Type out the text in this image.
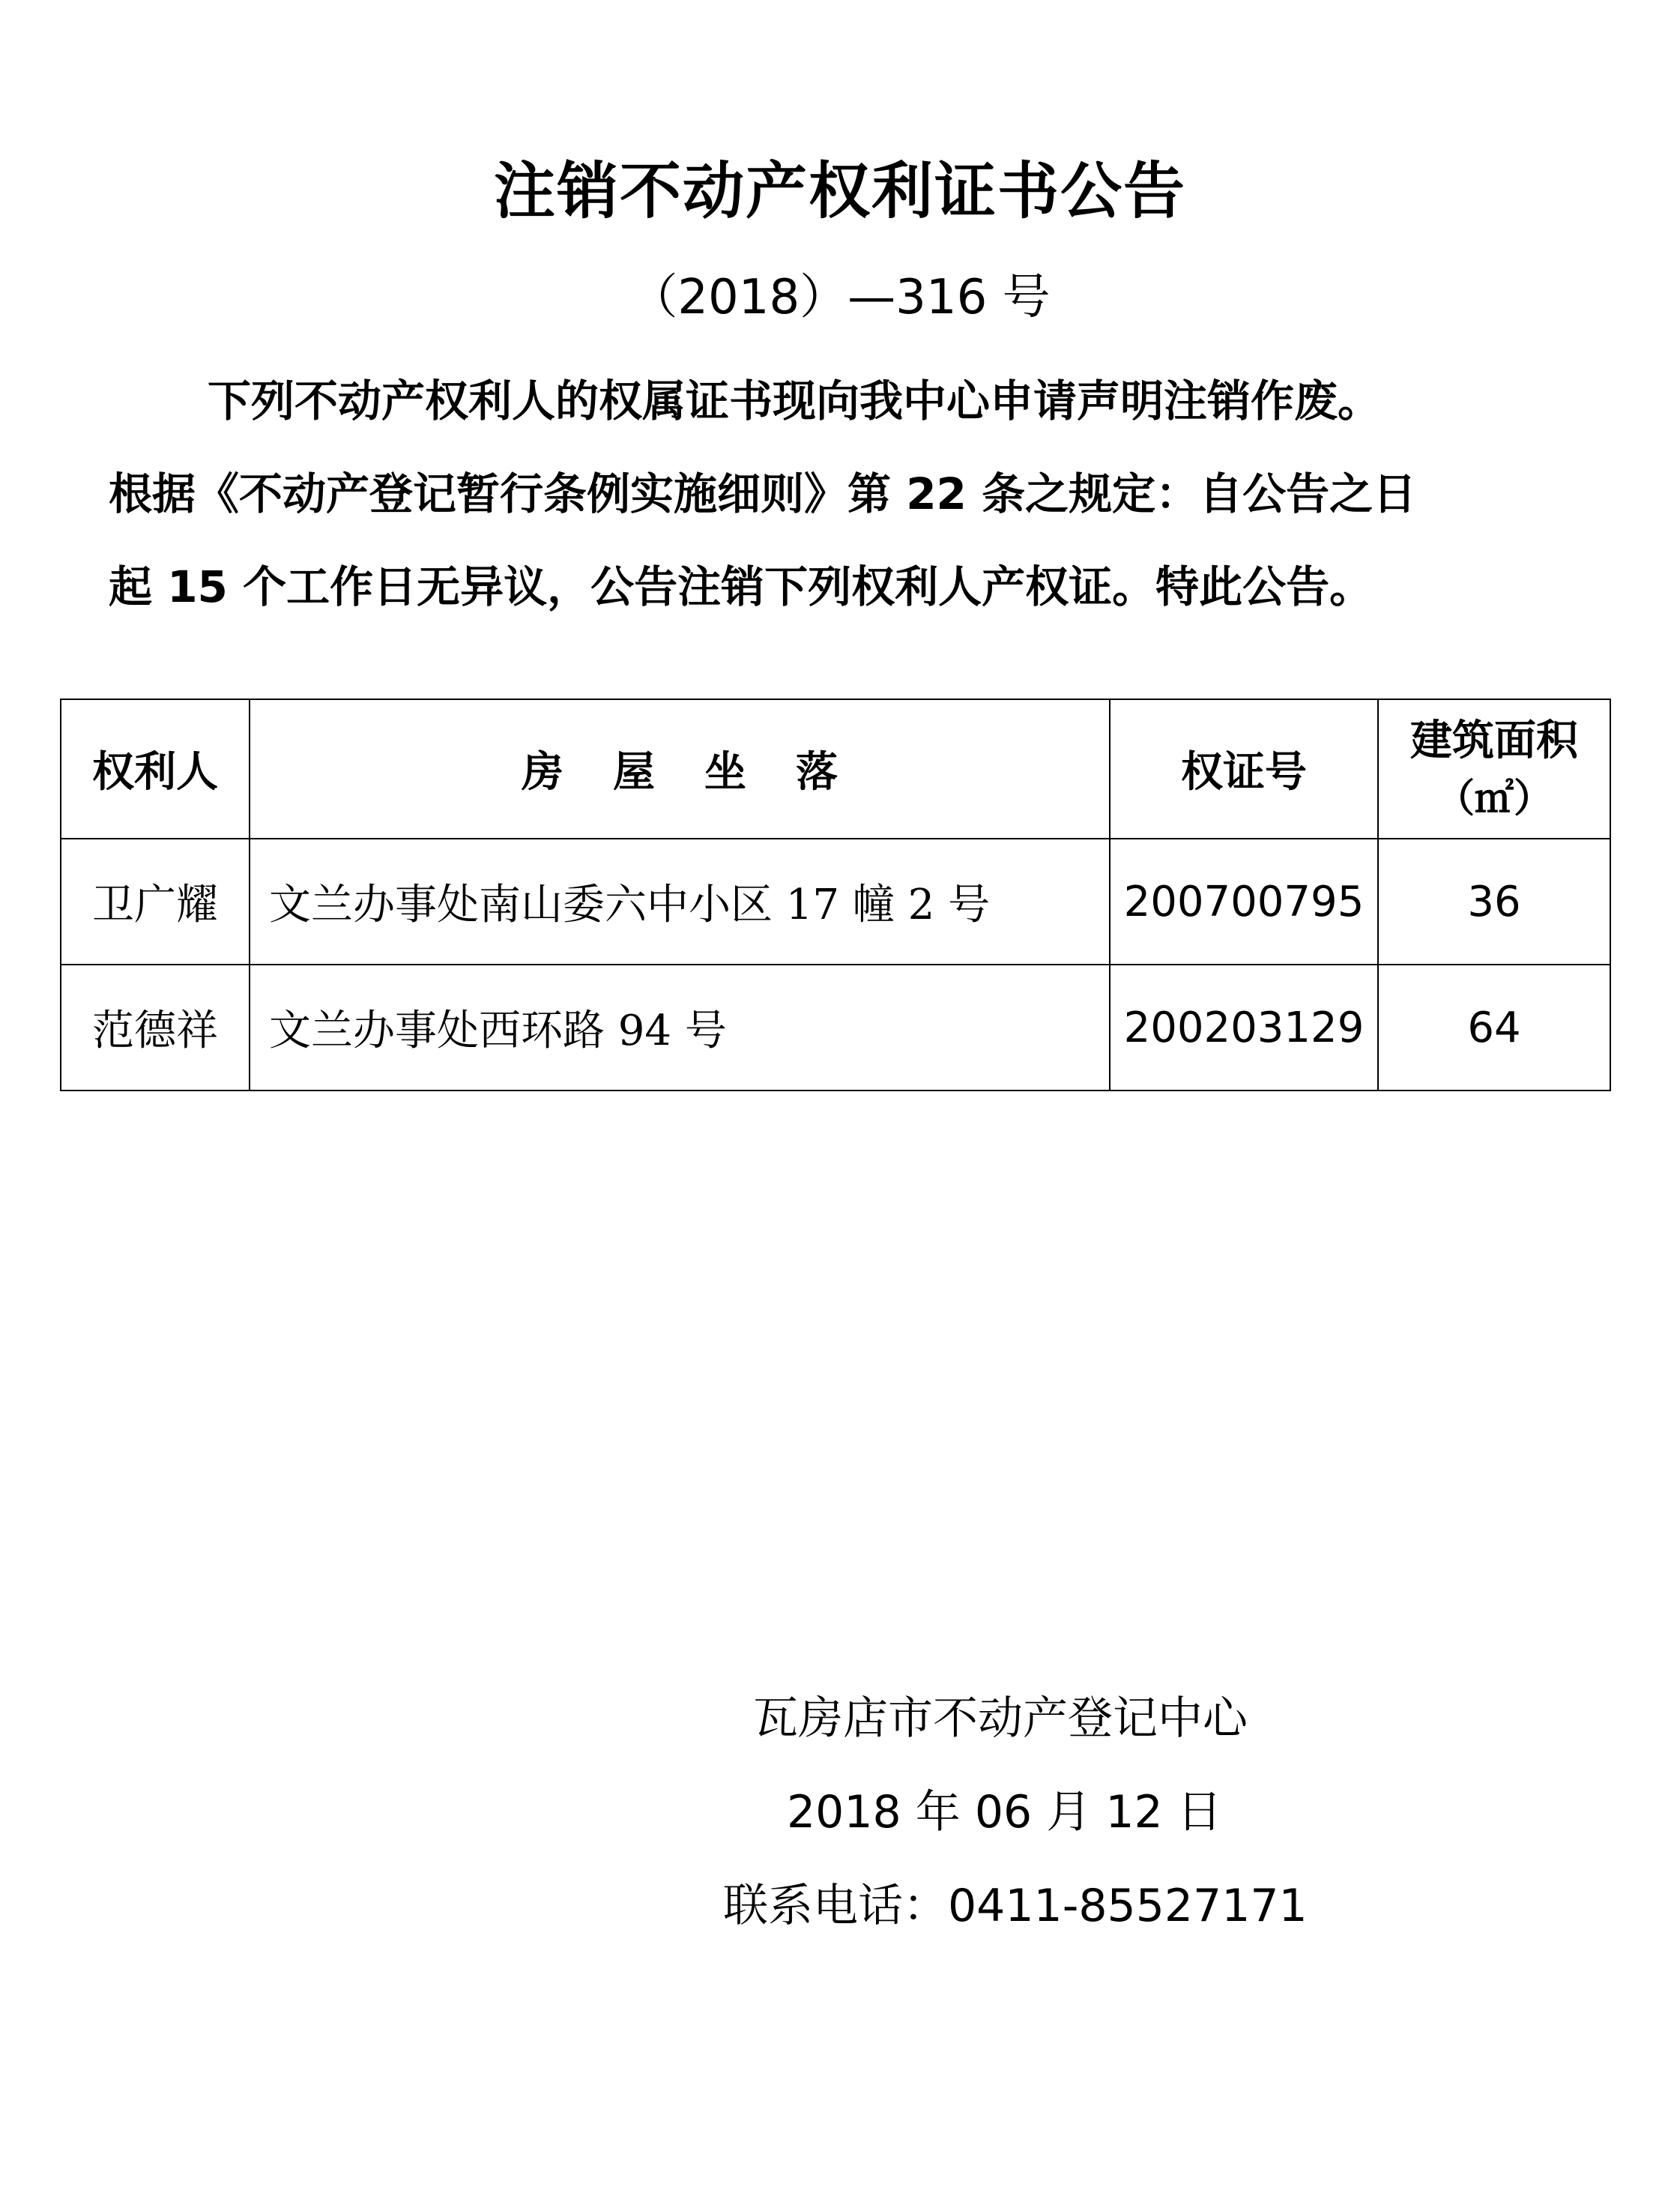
注销不动产权利证书公告
（2018）—316 号
下列不动产权利人的权属证书现向我中心申请声明注销作废。
根据《不动产登记暂行条例实施细则》第 22 条之规定：自公告之日
起 15 个工作日无异议，公告注销下列权利人产权证。特此公告。
权利人	房屋坐落	权证号	建筑面积
（㎡）

卫广耀	文兰办事处南山委六中小区 17 幢 2 号	200700795	36
范德祥	文兰办事处西环路 94 号	200203129	64
瓦房店市不动产登记中心
2018 年 06 月 12 日
联系电话：0411-85527171
